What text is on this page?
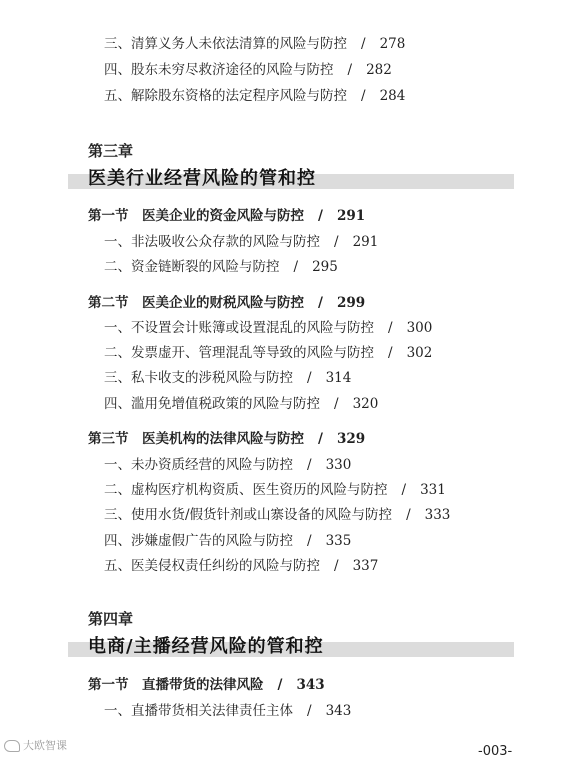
三、清算义务人未依法清算的风险与防控 / 278
四、股东未穷尽救济途径的风险与防控 / 282
五、解除股东资格的法定程序风险与防控 / 284
第三章
医美行业经营风险的管和控
第一节　医美企业的资金风险与防控 / 291
一、非法吸收公众存款的风险与防控 / 291
二、资金链断裂的风险与防控 / 295
第二节　医美企业的财税风险与防控 / 299
一、不设置会计账簿或设置混乱的风险与防控 / 300
二、发票虚开、管理混乱等导致的风险与防控 / 302
三、私卡收支的涉税风险与防控 / 314
四、滥用免增值税政策的风险与防控 / 320
第三节　医美机构的法律风险与防控 / 329
一、未办资质经营的风险与防控 / 330
二、虚构医疗机构资质、医生资历的风险与防控 / 331
三、使用水货/假货针剂或山寨设备的风险与防控 / 333
四、涉嫌虚假广告的风险与防控 / 335
五、医美侵权责任纠纷的风险与防控 / 337
第四章
电商/主播经营风险的管和控
第一节　直播带货的法律风险 / 343
一、直播带货相关法律责任主体 / 343
大欧智课	-003-
